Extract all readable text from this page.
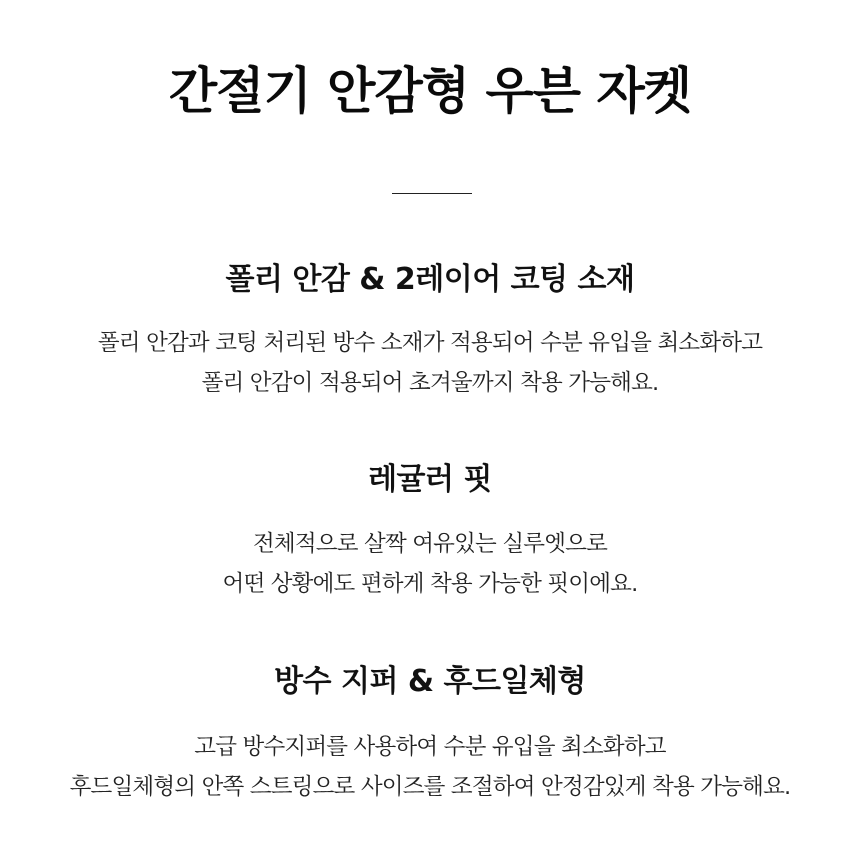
간절기 안감형 우븐 자켓
폴리 안감 & 2레이어 코팅 소재

폴리 안감과 코팅 처리된 방수 소재가 적용되어 수분 유입을 최소화하고
폴리 안감이 적용되어 초겨울까지 착용 가능해요.

레귤러 핏

전체적으로 살짝 여유있는 실루엣으로
어떤 상황에도 편하게 착용 가능한 핏이에요.

방수 지퍼 & 후드일체형

고급 방수지퍼를 사용하여 수분 유입을 최소화하고
후드일체형의 안쪽 스트링으로 사이즈를 조절하여 안정감있게 착용 가능해요.
